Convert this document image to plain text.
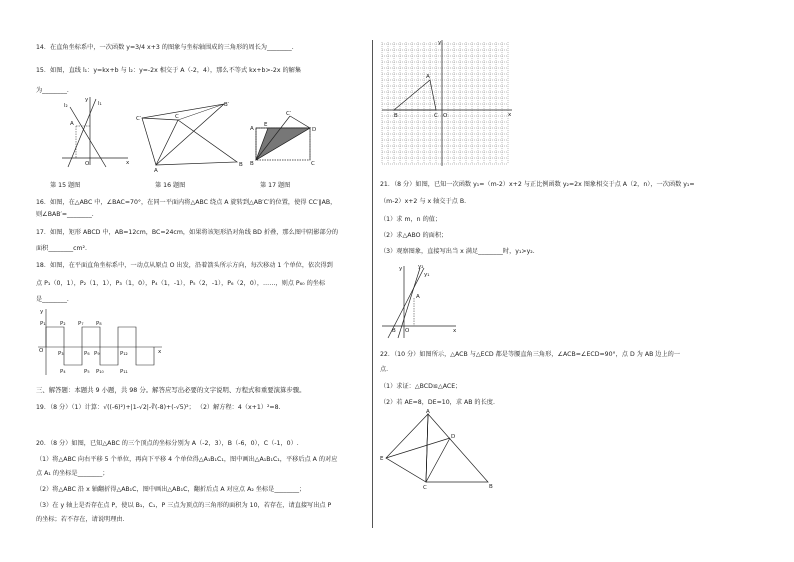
14．在直角坐标系中，一次函数 y=3/4 x+3 的图象与坐标轴围成的三角形的周长为________.
15．如图，直线 l₁：y=kx+b 与 l₂：y=-2x 相交于 A（-2，4），那么不等式 kx+b>-2x 的解集
为________.
y
x
O
A
l₁
l₂
C′	C
B′
A
B
C′
E
D
A
B	C
第 15 题图	第 16 题图	第 17 题图
16．如图，在△ABC 中，∠BAC=70°，在同一平面内将△ABC 绕点 A 旋转到△AB′C′的位置，使得 CC′∥AB，
则∠BAB′=________.
17．如图，矩形 ABCD 中，AB=12cm，BC=24cm，如果将该矩形沿对角线 BD 折叠，那么图中阴影部分的
面积________cm².
18．如图，在平面直角坐标系中，一动点从原点 O 出发，沿着箭头所示方向，每次移动 1 个单位，依次得到
点 P₁（0，1），P₂（1，1），P₃（1，0），P₄（1，-1），P₅（2，-1），P₆（2，0），……，则点 P₆₀ 的坐标
是________.
y
O
P₁	P₂
P₃
P₄	P₅
P₆
P₇ P₈
P₉
P₁₀	P₁₁
P₁₂	x
三、解答题：本题共 9 小题，共 98 分。解答应写出必要的文字说明、方程式和重要演算步骤。
19．（8 分）（1）计算：√((-6)²)+|1-√2|-∛(-8)+(-√5)²； （2）解方程：4（x+1）²=8.
20．（8 分）如图，已知△ABC 的三个顶点的坐标分别为 A（-2，3），B（-6，0），C（-1，0）.
（1）将△ABC 向右平移 5 个单位，再向下平移 4 个单位得△A₁B₁C₁，图中画出△A₁B₁C₁，平移后点 A 的对应
点 A₁ 的坐标是________；
（2）将△ABC 沿 x 轴翻折得△AB₁C，图中画出△AB₁C，翻折后点 A 对应点 A₂ 坐标是________；
（3）在 y 轴上是否存在点 P，使以 B₁，C₁，P 三点为顶点的三角形的面积为 10，若存在，请直接写出点 P
的坐标；若不存在，请说明理由.
y
x
A
B	C O
21．（8 分）如图，已知一次函数 y₁=（m-2）x+2 与正比例函数 y₂=2x 图象相交于点 A（2，n），一次函数 y₁=
（m-2）x+2 与 x 轴交于点 B.
（1）求 m，n 的值；
（2）求△ABO 的面积；
（3）观察图象，直接写出当 x 满足________时，y₁>y₂.
y	y₂
y₁
A
B O	x
22．（10 分）如图所示，△ACB 与△ECD 都是等腰直角三角形，∠ACB=∠ECD=90°，点 D 为 AB 边上的一
点.
（1）求证：△BCD≌△ACE；
（2）若 AE=8，DE=10，求 AB 的长度.
A
D
E
C	B
